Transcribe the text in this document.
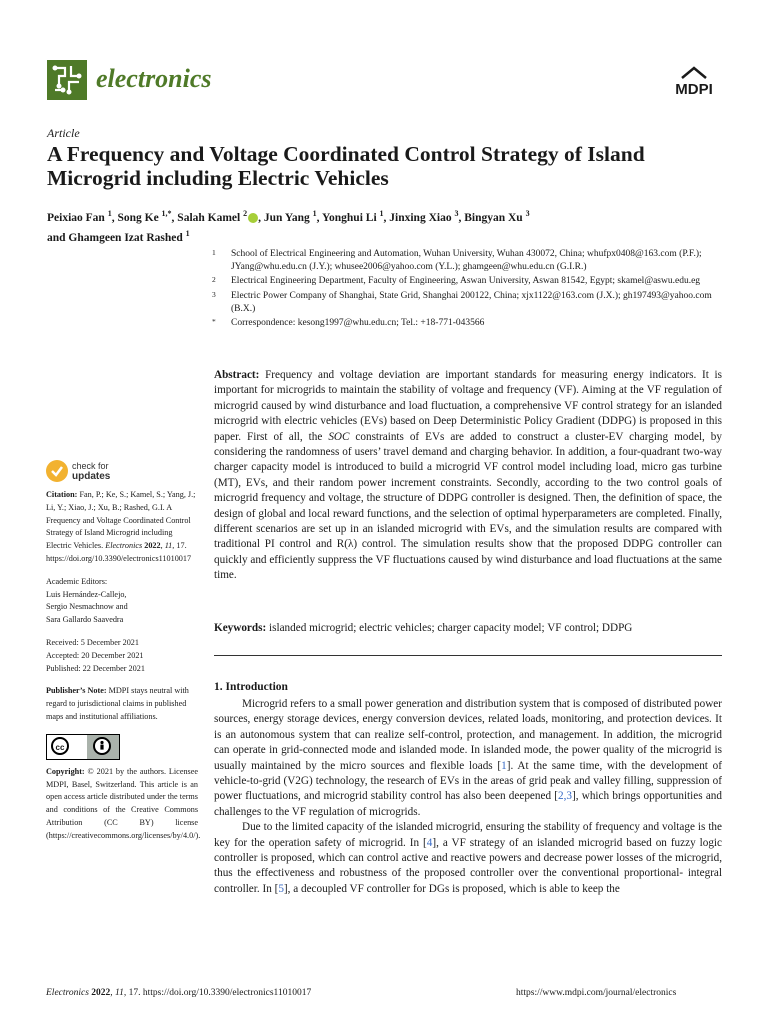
electronics	MDPI
Article
A Frequency and Voltage Coordinated Control Strategy of Island Microgrid including Electric Vehicles
Peixiao Fan $^1$, Song Ke $^{1,*}$, Salah Kamel $^2$ , Jun Yang $^1$, Yonghui Li $^1$, Jinxing Xiao $^3$, Bingyan Xu $^3$
and Ghamgeen Izat Rashed $^1$
1	School of Electrical Engineering and Automation, Wuhan University, Wuhan 430072, China; whufpx0408@163.com (P.F.); JYang@whu.edu.cn (J.Y.); whusee2006@yahoo.com (Y.L.); ghamgeen@whu.edu.cn (G.I.R.)
2	Electrical Engineering Department, Faculty of Engineering, Aswan University, Aswan 81542, Egypt; skamel@aswu.edu.eg
3	Electric Power Company of Shanghai, State Grid, Shanghai 200122, China; xjx1122@163.com (J.X.); gh197493@yahoo.com (B.X.)
*	Correspondence: kesong1997@whu.edu.cn; Tel.: +18-771-043566
Abstract: Frequency and voltage deviation are important standards for measuring energy indicators. It is important for microgrids to maintain the stability of voltage and frequency (VF). Aiming at the VF regulation of microgrid caused by wind disturbance and load fluctuation, a comprehensive VF control strategy for an islanded microgrid with electric vehicles (EVs) based on Deep Deterministic Policy Gradient (DDPG) is proposed in this paper. First of all, the SOC constraints of EVs are added to construct a cluster-EV charging model, by considering the randomness of users’ travel demand and charging behavior. In addition, a four-quadrant two-way charger capacity model is introduced to build a microgrid VF control model including load, micro gas turbine (MT), EVs, and their random power increment constraints. Secondly, according to the two control goals of microgrid frequency and voltage, the structure of DDPG controller is designed. Then, the definition of space, the design of global and local reward functions, and the selection of optimal hyperparameters are completed. Finally, different scenarios are set up in an islanded microgrid with EVs, and the simulation results are compared with traditional PI control and R(λ) control. The simulation results show that the proposed DDPG controller can quickly and efficiently suppress the VF fluctuations caused by wind disturbance and load fluctuations at the same time.
Keywords: islanded microgrid; electric vehicles; charger capacity model; VF control; DDPG
1. Introduction

Microgrid refers to a small power generation and distribution system that is composed of distributed power sources, energy storage devices, energy conversion devices, related loads, monitoring, and protection devices. It is an autonomous system that can realize self-control, protection, and management. In addition, the microgrid can operate in grid-connected mode and islanded mode. In islanded mode, the power quality of the microgrid is usually maintained by the micro sources and flexible loads [1]. At the same time, with the development of vehicle-to-grid (V2G) technology, the research of EVs in the areas of grid peak and valley filling, suppression of power fluctuations, and microgrid stability control has also been deepened [2,3], which brings opportunities and challenges to the VF regulation of microgrids.

Due to the limited capacity of the islanded microgrid, ensuring the stability of frequency and voltage is the key for the operation safety of microgrid. In [4], a VF strategy of an islanded microgrid based on fuzzy logic controller is proposed, which can control active and reactive powers and decrease power losses of the microgrid, thus the effectiveness and robustness of the proposed controller over the conventional proportional- integral controller. In [5], a decoupled VF controller for DGs is proposed, which is able to keep the

check for
updates
Citation: Fan, P.; Ke, S.; Kamel, S.; Yang, J.; Li, Y.; Xiao, J.; Xu, B.; Rashed, G.I. A Frequency and Voltage Coordinated Control Strategy of Island Microgrid including Electric Vehicles. Electronics 2022, 11, 17. https://doi.org/10.3390/electronics11010017
Academic Editors:
Luis Hernández-Callejo,
Sergio Nesmachnow and
Sara Gallardo Saavedra
Received: 5 December 2021
Accepted: 20 December 2021
Published: 22 December 2021
Publisher’s Note: MDPI stays neutral with regard to jurisdictional claims in published maps and institutional affiliations.
cc
Copyright: © 2021 by the authors. Licensee MDPI, Basel, Switzerland. This article is an open access article distributed under the terms and conditions of the Creative Commons Attribution (CC BY) license (https://creativecommons.org/licenses/by/4.0/).
Electronics 2022, 11, 17. https://doi.org/10.3390/electronics11010017	https://www.mdpi.com/journal/electronics
